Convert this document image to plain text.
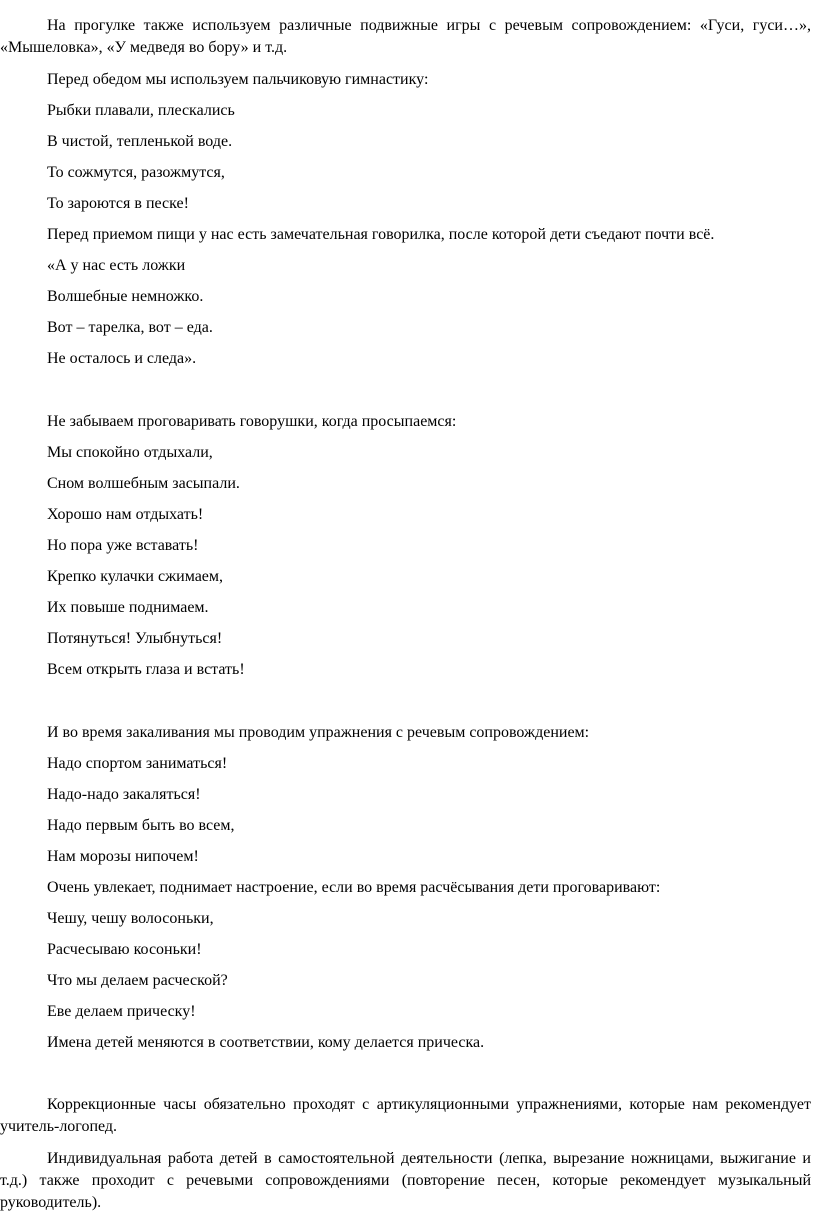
На прогулке также используем различные подвижные игры с речевым сопровождением: «Гуси, гуси…», «Мышеловка», «У медведя во бору» и т.д.

Перед обедом мы используем пальчиковую гимнастику:

Рыбки плавали, плескались

В чистой, тепленькой воде.

То сожмутся, разожмутся,

То зароются в песке!

Перед приемом пищи у нас есть замечательная говорилка, после которой дети съедают почти всё.

«А у нас есть ложки

Волшебные немножко.

Вот – тарелка, вот – еда.

Не осталось и следа».

Не забываем проговаривать говорушки, когда просыпаемся:

Мы спокойно отдыхали,

Сном волшебным засыпали.

Хорошо нам отдыхать!

Но пора уже вставать!

Крепко кулачки сжимаем,

Их повыше поднимаем.

Потянуться! Улыбнуться!

Всем открыть глаза и встать!

И во время закаливания мы проводим упражнения с речевым сопровождением:

Надо спортом заниматься!

Надо-надо закаляться!

Надо первым быть во всем,

Нам морозы нипочем!

Очень увлекает, поднимает настроение, если во время расчёсывания дети проговаривают:

Чешу, чешу волосоньки,

Расчесываю косоньки!

Что мы делаем расческой?

Еве делаем прическу!

Имена детей меняются в соответствии, кому делается прическа.

Коррекционные часы обязательно проходят с артикуляционными упражнениями, которые нам рекомендует учитель-логопед.

Индивидуальная работа детей в самостоятельной деятельности (лепка, вырезание ножницами, выжигание и т.д.) также проходит с речевыми сопровождениями (повторение песен, которые рекомендует музыкальный руководитель).
